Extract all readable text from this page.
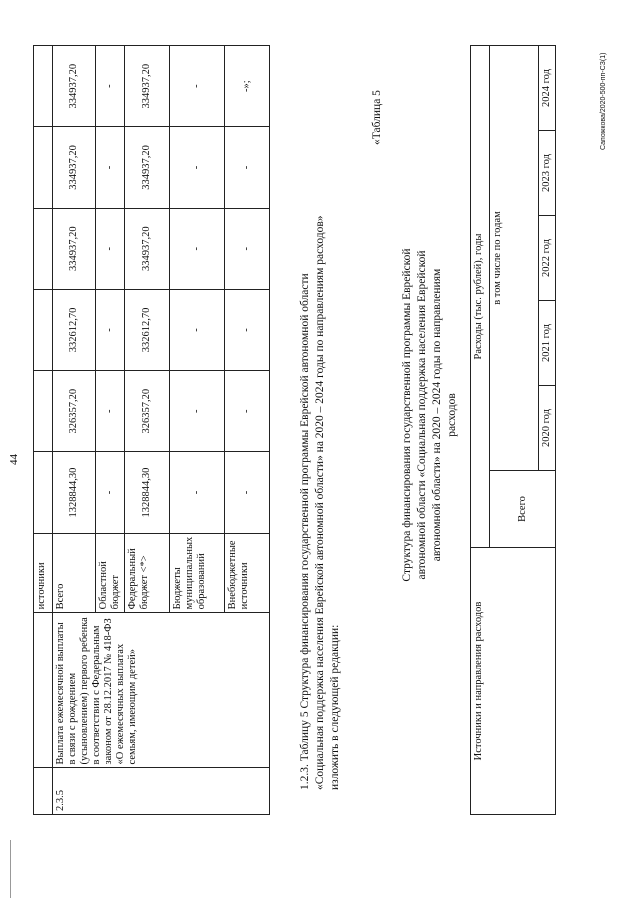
44
		источники						
2.3.5	Выплата ежемесячной выплаты в связи с рождением (усыновлением) первого ребенка в соответствии с Федеральным законом от 28.12.2017 № 418-ФЗ «О ежемесячных выплатах семьям, имеющим детей»	Всего	1328844,30	326357,20	332612,70	334937,20	334937,20	334937,20
		Областной бюджет	-	-	-	-	-	-
		Федеральный бюджет <*>	1328844,30	326357,20	332612,70	334937,20	334937,20	334937,20
		Бюджеты муниципальных образований	-	-	-	-	-	-
		Внебюджетные источники	-	-	-	-	-	-»;
1.2.3. Таблицу 5 Структура финансирования государственной программы Еврейской автономной области «Социальная поддержка населения Еврейской автономной области» на 2020 – 2024 годы по направлениям расходов» изложить в следующей редакции:
«Таблица 5
Структура финансирования государственной программы Еврейской автономной области «Социальная поддержка населения Еврейской автономной области» на 2020 – 2024 годы по направлениям расходов
Источники и направления расходов	Расходы (тыс. рублей), годы					
	Всего	в том числе по годам				
		2020 год	2021 год	2022 год	2023 год	2024 год	Сапожкова/2020-500-пп-СЗ(1)
